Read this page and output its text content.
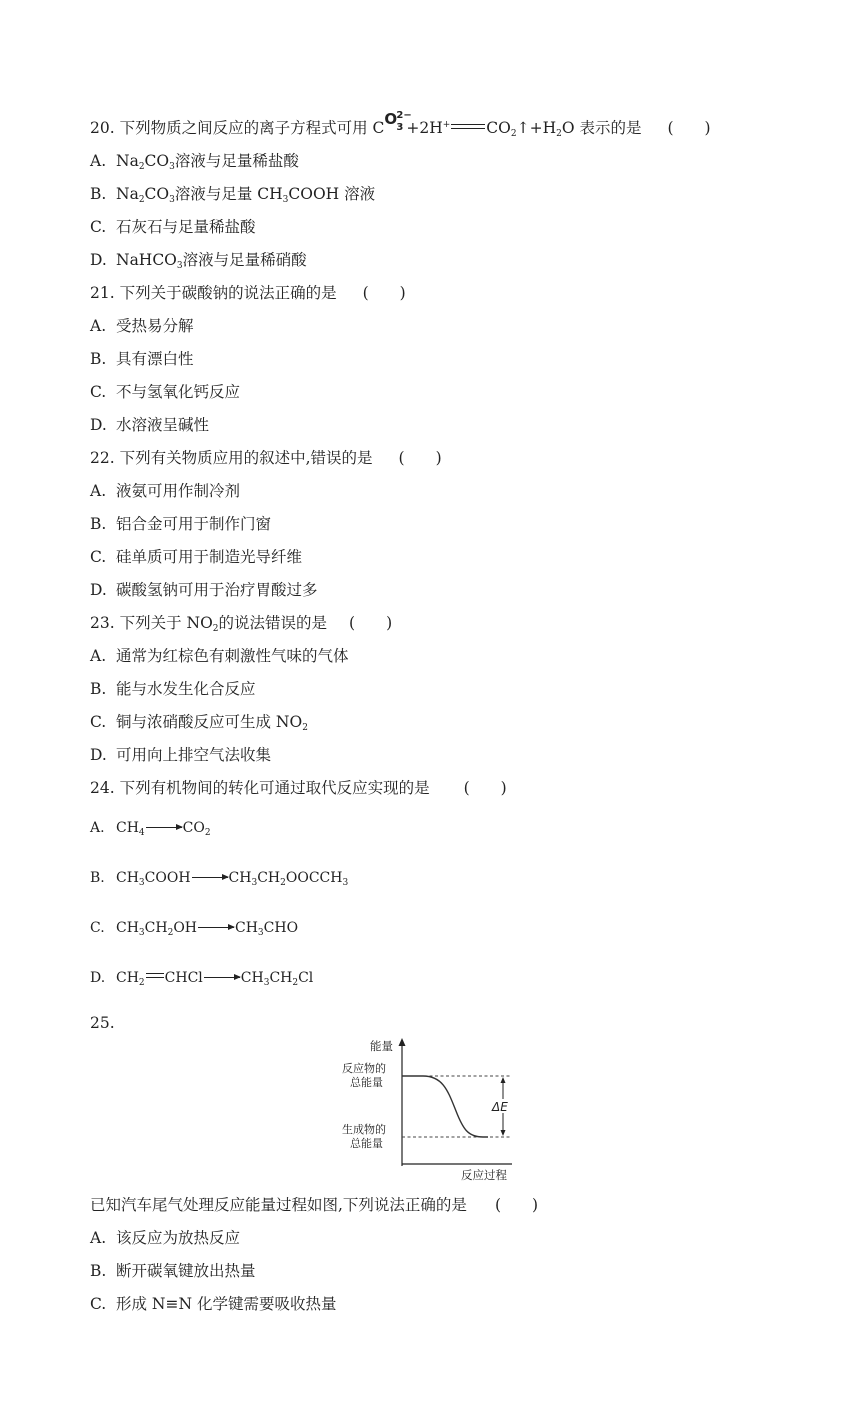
20. 下列物质之间反应的离子方程式可用 C O 2−
3 +2H+ $CO_2↑+H_2O$ 表示的是 (　　)
A. $Na_2CO_3$溶液与足量稀盐酸
B. $Na_2CO_3$溶液与足量 $CH_3COOH$ 溶液
C. 石灰石与足量稀盐酸
D. NaHCO$_3$溶液与足量稀硝酸
21. 下列关于碳酸钠的说法正确的是 (　　)
A. 受热易分解
B. 具有漂白性
C. 不与氢氧化钙反应
D. 水溶液呈碱性
22. 下列有关物质应用的叙述中,错误的是 (　　)
A. 液氨可用作制冷剂
B. 铝合金可用于制作门窗
C. 硅单质可用于制造光导纤维
D. 碳酸氢钠可用于治疗胃酸过多
23. 下列关于 $NO_2$的说法错误的是 (　　)
A. 通常为红棕色有刺激性气味的气体
B. 能与水发生化合反应
C. 铜与浓硝酸反应可生成 $NO_2$
D. 可用向上排空气法收集
24. 下列有机物间的转化可通过取代反应实现的是 (　　)
A. $CH_4 \to CO_2$
B. $CH_3COOH\to CH_3CH_2OOCCH_3$
C. $CH_3CH_2OH\to CH_3CHO$
D. $CH_2$ $CHCl\to CH_3CH_2Cl$
25.
能量
反应过程
反应物的
总能量
生成物的
总能量
ΔE
已知汽车尾气处理反应能量过程如图,下列说法正确的是 (　　)
A. 该反应为放热反应
B. 断开碳氧键放出热量
C. 形成 N≡N 化学键需要吸收热量
